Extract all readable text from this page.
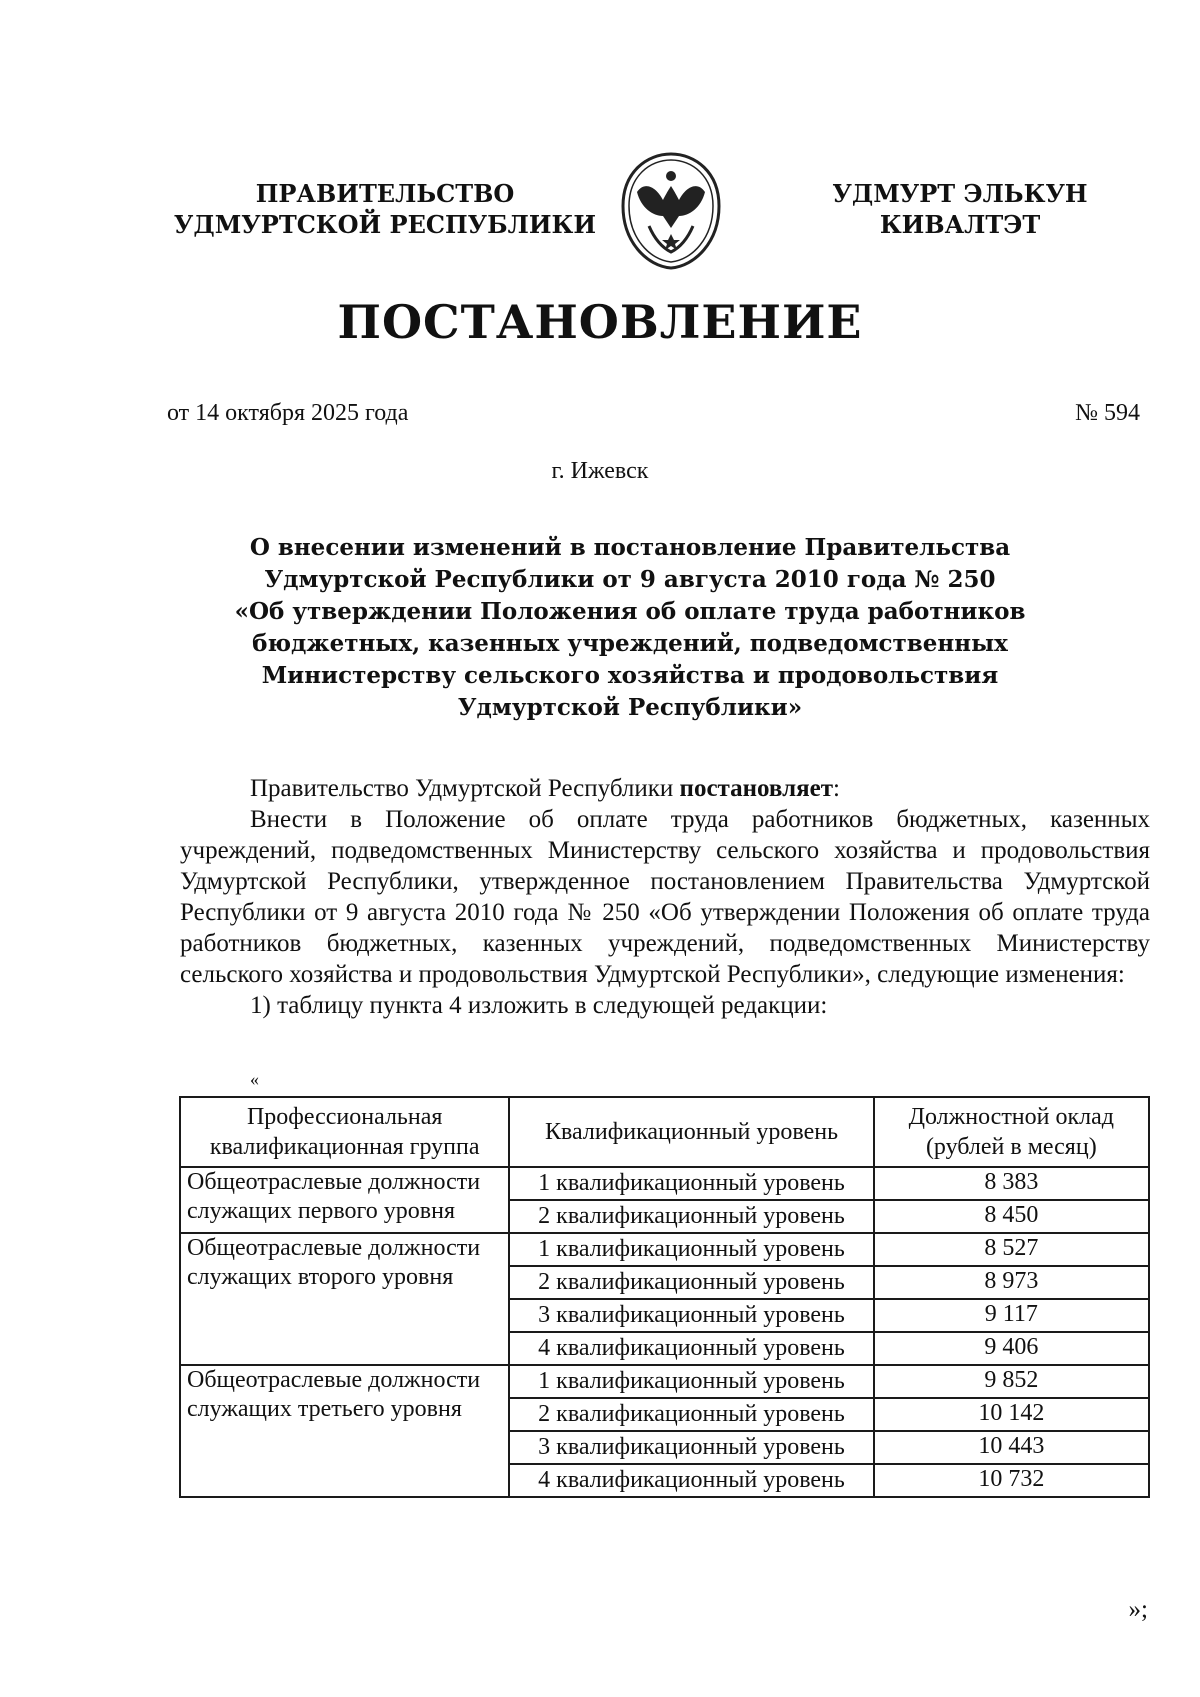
ПРАВИТЕЛЬСТВО
УДМУРТСКОЙ РЕСПУБЛИКИ
УДМУРТ ЭЛЬКУН
КИВАЛТЭТ
ПОСТАНОВЛЕНИЕ
от 14 октября 2025 года	№ 594
г. Ижевск
О внесении изменений в постановление Правительства
Удмуртской Республики от 9 августа 2010 года № 250
«Об утверждении Положения об оплате труда работников
бюджетных, казенных учреждений, подведомственных
Министерству сельского хозяйства и продовольствия
Удмуртской Республики»

Правительство Удмуртской Республики постановляет:

Внести в Положение об оплате труда работников бюджетных, казенных учреждений, подведомственных Министерству сельского хозяйства и продовольствия Удмуртской Республики, утвержденное постановлением Правительства Удмуртской Республики от 9 августа 2010 года № 250 «Об утверждении Положения об оплате труда работников бюджетных, казенных учреждений, подведомственных Министерству сельского хозяйства и продовольствия Удмуртской Республики», следующие изменения:

1) таблицу пункта 4 изложить в следующей редакции:

«
Профессиональная квалификационная группа	Квалификационный уровень	Должностной оклад (рублей в месяц)
Общеотраслевые должности служащих первого уровня	1 квалификационный уровень	8 383
	2 квалификационный уровень	8 450
Общеотраслевые должности служащих второго уровня	1 квалификационный уровень	8 527
	2 квалификационный уровень	8 973
	3 квалификационный уровень	9 117
	4 квалификационный уровень	9 406
Общеотраслевые должности служащих третьего уровня	1 квалификационный уровень	9 852
	2 квалификационный уровень	10 142
	3 квалификационный уровень	10 443
	4 квалификационный уровень	10 732
»;
